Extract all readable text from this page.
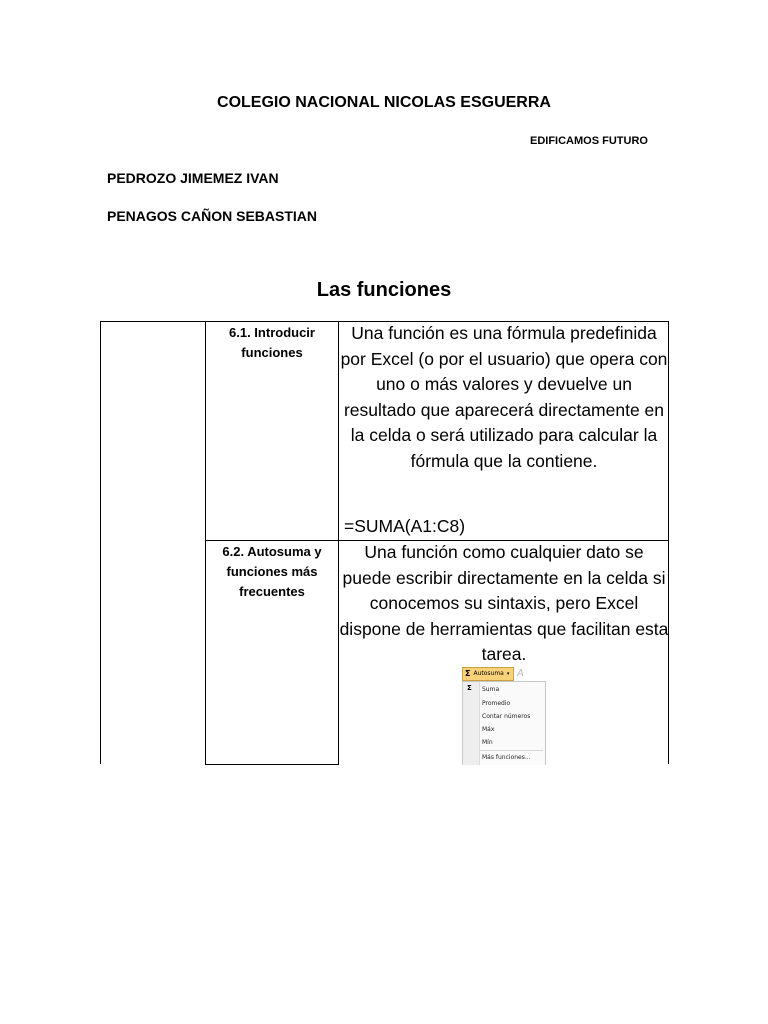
COLEGIO NACIONAL NICOLAS ESGUERRA
EDIFICAMOS FUTURO
PEDROZO JIMEMEZ IVAN
PENAGOS CAÑON SEBASTIAN
Las funciones
6.1. Introducir funciones
Una función es una fórmula predefinida por Excel (o por el usuario) que opera con uno o más valores y devuelve un resultado que aparecerá directamente en la celda o será utilizado para calcular la fórmula que la contiene.
=SUMA(A1:C8)
6.2. Autosuma y funciones más frecuentes
Una función como cualquier dato se puede escribir directamente en la celda si conocemos su sintaxis, pero Excel dispone de herramientas que facilitan esta tarea.
Σ Autosuma ▾ A
Σ Suma
Promedio
Contar números
Máx
Mín
Más funciones...
